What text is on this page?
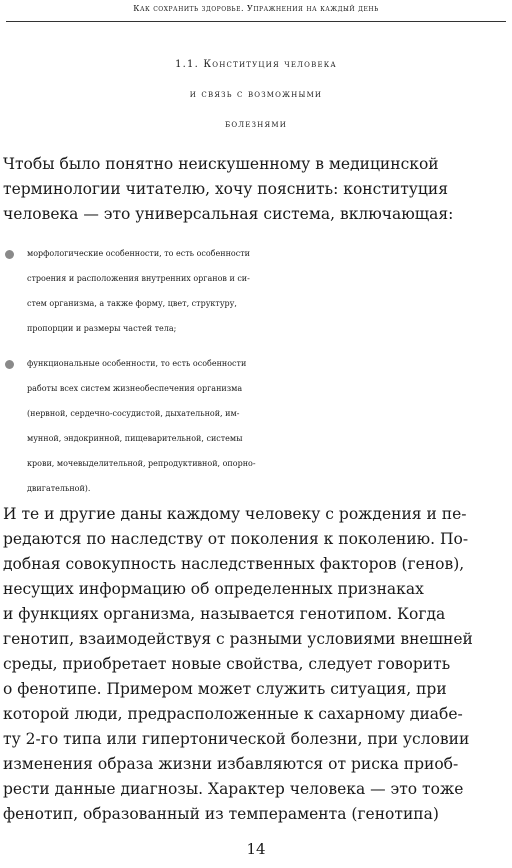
Как сохранить здоровье. Упражнения на каждый день
1.1. Конституция человека
и связь с возможными
болезнями

Чтобы было понятно неискушенному в медицинской

терминологии читателю, хочу пояснить: конституция

человека — это универсальная система, включающая:

морфологические особенности, то есть особенности
строения и расположения внутренних органов и си-
стем организма, а также форму, цвет, структуру,
пропорции и размеры частей тела;
функциональные особенности, то есть особенности
работы всех систем жизнеобеспечения организма
(нервной, сердечно-сосудистой, дыхательной, им-
мунной, эндокринной, пищеварительной, системы
крови, мочевыделительной, репродуктивной, опорно-
двигательной).

И те и другие даны каждому человеку с рождения и пе-

редаются по наследству от поколения к поколению. По-

добная совокупность наследственных факторов (генов),

несущих информацию об определенных признаках

и функциях организма, называется генотипом. Когда

генотип, взаимодействуя с разными условиями внешней

среды, приобретает новые свойства, следует говорить

о фенотипе. Примером может служить ситуация, при

которой люди, предрасположенные к сахарному диабе-

ту 2-го типа или гипертонической болезни, при условии

изменения образа жизни избавляются от риска приоб-

рести данные диагнозы. Характер человека — это тоже

фенотип, образованный из темперамента (генотипа)

14
